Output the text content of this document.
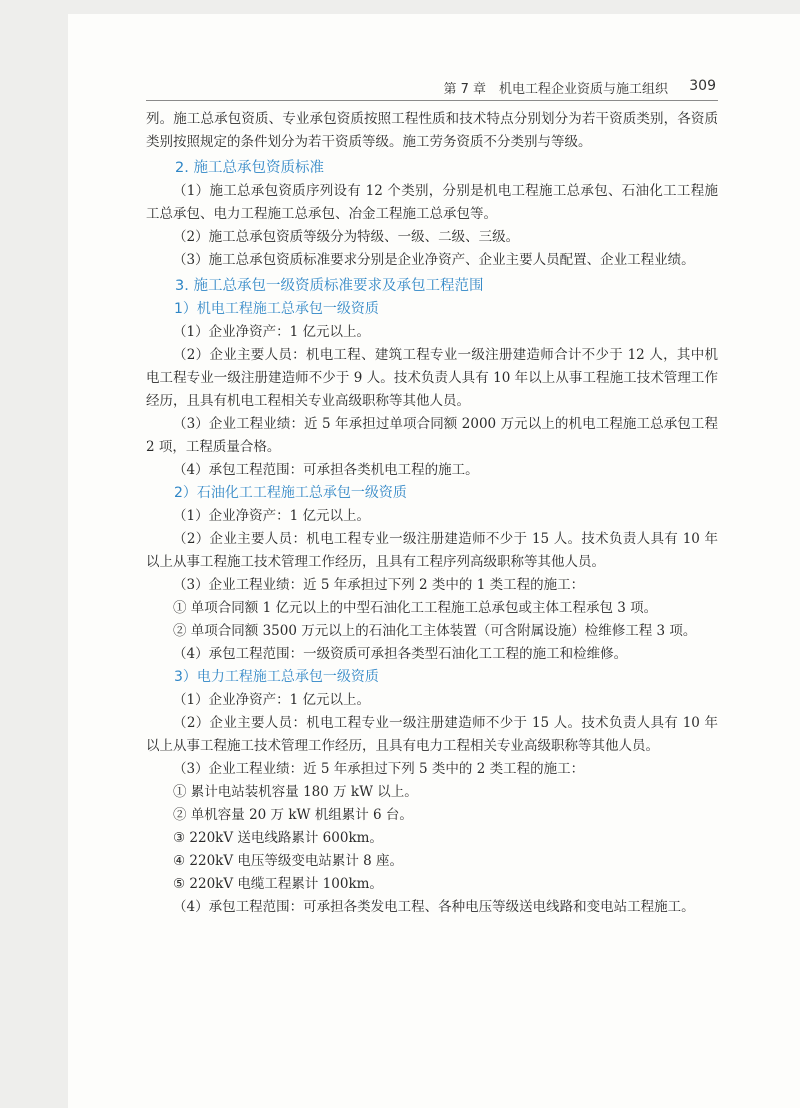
第 7 章　机电工程企业资质与施工组织 309
列。施工总承包资质、专业承包资质按照工程性质和技术特点分别划分为若干资质类别，各资质类别按照规定的条件划分为若干资质等级。施工劳务资质不分类别与等级。
2. 施工总承包资质标准
（1）施工总承包资质序列设有 12 个类别，分别是机电工程施工总承包、石油化工工程施工总承包、电力工程施工总承包、冶金工程施工总承包等。
（2）施工总承包资质等级分为特级、一级、二级、三级。
（3）施工总承包资质标准要求分别是企业净资产、企业主要人员配置、企业工程业绩。
3. 施工总承包一级资质标准要求及承包工程范围
1）机电工程施工总承包一级资质
（1）企业净资产：1 亿元以上。
（2）企业主要人员：机电工程、建筑工程专业一级注册建造师合计不少于 12 人，其中机电工程专业一级注册建造师不少于 9 人。技术负责人具有 10 年以上从事工程施工技术管理工作经历，且具有机电工程相关专业高级职称等其他人员。
（3）企业工程业绩：近 5 年承担过单项合同额 2000 万元以上的机电工程施工总承包工程 2 项，工程质量合格。
（4）承包工程范围：可承担各类机电工程的施工。
2）石油化工工程施工总承包一级资质
（1）企业净资产：1 亿元以上。
（2）企业主要人员：机电工程专业一级注册建造师不少于 15 人。技术负责人具有 10 年以上从事工程施工技术管理工作经历，且具有工程序列高级职称等其他人员。
（3）企业工程业绩：近 5 年承担过下列 2 类中的 1 类工程的施工：
① 单项合同额 1 亿元以上的中型石油化工工程施工总承包或主体工程承包 3 项。
② 单项合同额 3500 万元以上的石油化工主体装置（可含附属设施）检维修工程 3 项。
（4）承包工程范围：一级资质可承担各类型石油化工工程的施工和检维修。
3）电力工程施工总承包一级资质
（1）企业净资产：1 亿元以上。
（2）企业主要人员：机电工程专业一级注册建造师不少于 15 人。技术负责人具有 10 年以上从事工程施工技术管理工作经历，且具有电力工程相关专业高级职称等其他人员。
（3）企业工程业绩：近 5 年承担过下列 5 类中的 2 类工程的施工：
① 累计电站装机容量 180 万 kW 以上。
② 单机容量 20 万 kW 机组累计 6 台。
③ 220kV 送电线路累计 600km。
④ 220kV 电压等级变电站累计 8 座。
⑤ 220kV 电缆工程累计 100km。
（4）承包工程范围：可承担各类发电工程、各种电压等级送电线路和变电站工程施工。
